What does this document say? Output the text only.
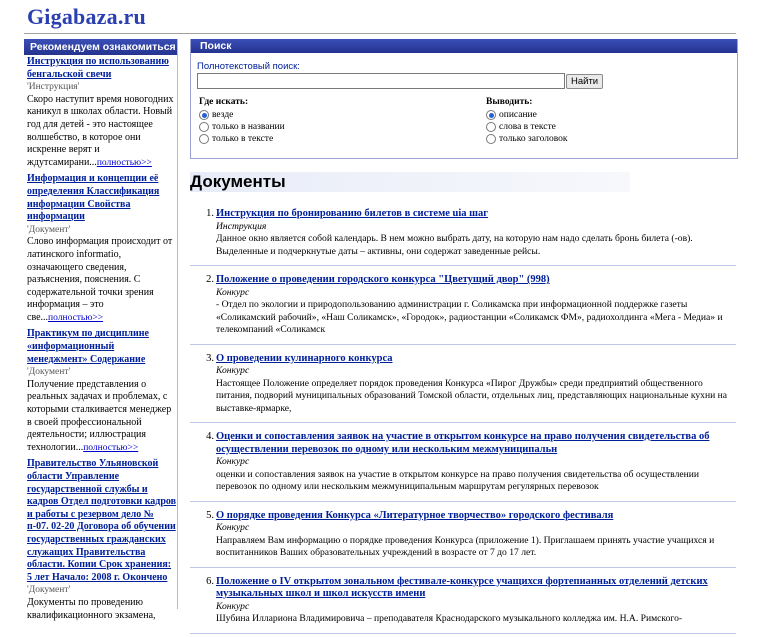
Gigabaza.ru
Рекомендуем ознакомиться
Инструкция по использованию бенгальской свечи
'Инструкция'
Скоро наступит время новогодних каникул в школах области. Новый год для детей - это настоящее волшебство, в которое они искренне верят и ждутсамирани...полностью>>
Информация и концепции её определения Классификация информации Свойства информации
'Документ'
Слово информация происходит от латинского informatio, означающего сведения, разъяснения, пояснения. С содержательной точки зрения информация – это све...полностью>>
Практикум по дисциплине «информационный менеджмент» Содержание
'Документ'
Получение представления о реальных задачах и проблемах, с которыми сталкивается менеджер в своей профессиональной деятельности; иллюстрация технологии...полностью>>
Правительство Ульяновской области Управление государственной службы и кадров Отдел подготовки кадров и работы с резервом дело № п-07. 02-20 Договора об обучении государственных гражданских служащих Правительства области. Копии Срок хранения: 5 лет Начало: 2008 г. Окончено
'Документ'
Документы по проведению квалификационного экзамена,
Поиск
Полнотекстовый поиск:
Найти
Где искать:
везде
только в названии
только в тексте
Выводить:
описание
слова в тексте
только заголовок
Документы
1. Инструкция по бронированию билетов в системе uia шаг
Инструкция
Данное окно является собой календарь. В нем можно выбрать дату, на которую нам надо сделать бронь билета (-ов). Выделенные и подчеркнутые даты – активны, они содержат заведенные рейсы.
2. Положение о проведении городского конкурса "Цветущий двор" (998)
Конкурс
- Отдел по экологии и природопользованию администрации г. Соликамска при информационной поддержке газеты «Соликамский рабочий», «Наш Соликамск», «Городок», радиостанции «Соликамск ФМ», радиохолдинга «Мега - Медиа» и телекомпаний «Соликамск
3. О проведении кулинарного конкурса
Конкурс
Настоящее Положение определяет порядок проведения Конкурса «Пирог Дружбы» среди предприятий общественного питания, подворий муниципальных образований Томской области, отдельных лиц, представляющих национальные кухни на выставке-ярмарке,
4. Оценки и сопоставления заявок на участие в открытом конкурсе на право получения свидетельства об осуществлении перевозок по одному или нескольким межмуниципальн
Конкурс
оценки и сопоставления заявок на участие в открытом конкурсе на право получения свидетельства об осуществлении перевозок по одному или нескольким межмуниципальным маршрутам регулярных перевозок
5. О порядке проведения Конкурса «Литературное творчество» городского фестиваля
Конкурс
Направляем Вам информацию о порядке проведения Конкурса (приложение 1). Приглашаем принять участие учащихся и воспитанников Ваших образовательных учреждений в возрасте от 7 до 17 лет.
6. Положение о IV открытом зональном фестивале-конкурсе учащихся фортепианных отделений детских музыкальных школ и школ искусств имени
Конкурс
Шубина Иллариона Владимировича – преподавателя Краснодарского музыкального колледжа им. Н.А. Римского-
